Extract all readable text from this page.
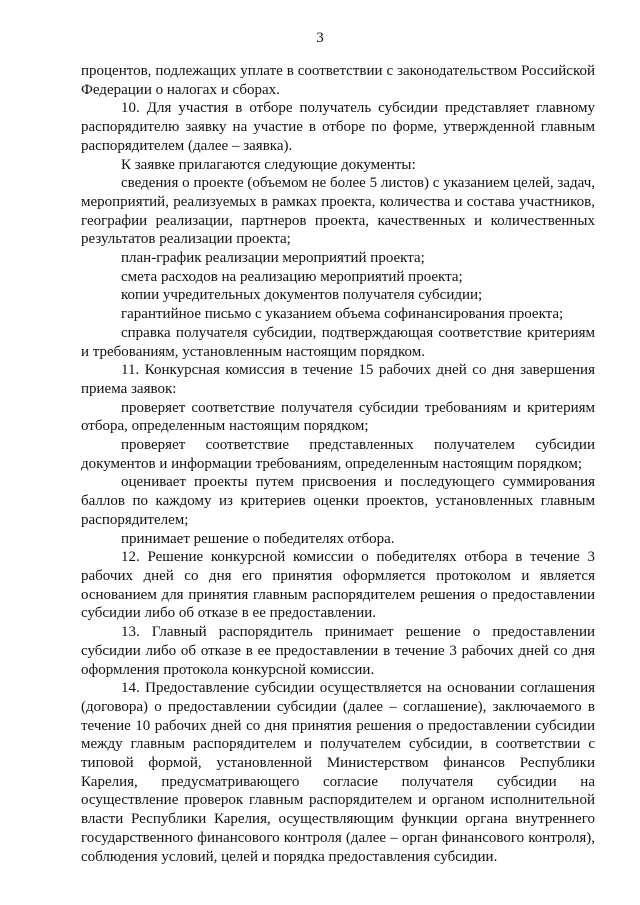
3

процентов, подлежащих уплате в соответствии с законодательством Российской Федерации о налогах и сборах.

10. Для участия в отборе получатель субсидии представляет главному распорядителю заявку на участие в отборе по форме, утвержденной главным распорядителем (далее – заявка).

К заявке прилагаются следующие документы:

сведения о проекте (объемом не более 5 листов) с указанием целей, задач, мероприятий, реализуемых в рамках проекта, количества и состава участников, географии реализации, партнеров проекта, качественных и количественных результатов реализации проекта;

план-график реализации мероприятий проекта;

смета расходов на реализацию мероприятий проекта;

копии учредительных документов получателя субсидии;

гарантийное письмо с указанием объема софинансирования проекта;

справка получателя субсидии, подтверждающая соответствие критериям и требованиям, установленным настоящим порядком.

11. Конкурсная комиссия в течение 15 рабочих дней со дня завершения приема заявок:

проверяет соответствие получателя субсидии требованиям и критериям отбора, определенным настоящим порядком;

проверяет соответствие представленных получателем субсидии документов и информации требованиям, определенным настоящим порядком;

оценивает проекты путем присвоения и последующего суммирования баллов по каждому из критериев оценки проектов, установленных главным распорядителем;

принимает решение о победителях отбора.

12. Решение конкурсной комиссии о победителях отбора в течение 3 рабочих дней со дня его принятия оформляется протоколом и является основанием для принятия главным распорядителем решения о предоставлении субсидии либо об отказе в ее предоставлении.

13. Главный распорядитель принимает решение о предоставлении субсидии либо об отказе в ее предоставлении в течение 3 рабочих дней со дня оформления протокола конкурсной комиссии.

14. Предоставление субсидии осуществляется на основании соглашения (договора) о предоставлении субсидии (далее – соглашение), заключаемого в течение 10 рабочих дней со дня принятия решения о предоставлении субсидии между главным распорядителем и получателем субсидии, в соответствии с типовой формой, установленной Министерством финансов Республики Карелия, предусматривающего согласие получателя субсидии на осуществление проверок главным распорядителем и органом исполнительной власти Республики Карелия, осуществляющим функции органа внутреннего государственного финансового контроля (далее – орган финансового контроля), соблюдения условий, целей и порядка предоставления субсидии.
